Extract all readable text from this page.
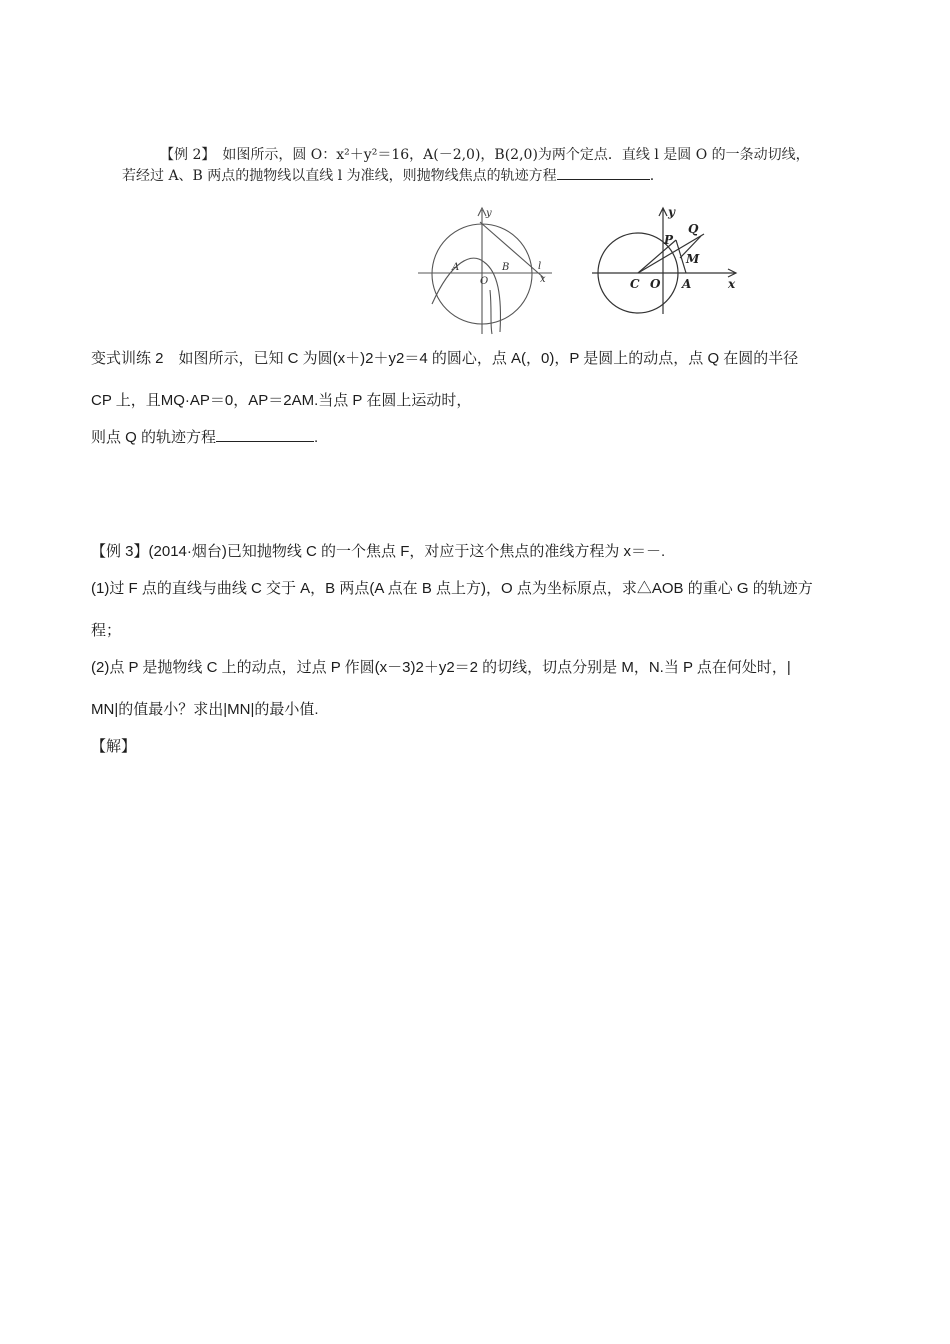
【例 2】　如图所示，圆 O：x²＋y²＝16，A(－2,0)，B(2,0)为两个定点．直线 l 是圆 O 的一条动切线，
若经过 A、B 两点的抛物线以直线 l 为准线，则抛物线焦点的轨迹方程	.
y
x
A
O
B	l
y
x
Q
P
M
C O A
变式训练 2　如图所示，已知 C 为圆(x＋)2＋y2＝4 的圆心，点 A(，0)，P 是圆上的动点，点 Q 在圆的半径
CP 上，且MQ·AP＝0，AP＝2AM.当点 P 在圆上运动时，
则点 Q 的轨迹方程	.
【例 3】(2014·烟台)已知抛物线 C 的一个焦点 F，对应于这个焦点的准线方程为 x＝－.
(1)过 F 点的直线与曲线 C 交于 A，B 两点(A 点在 B 点上方)，O 点为坐标原点，求△AOB 的重心 G 的轨迹方
程；
(2)点 P 是抛物线 C 上的动点，过点 P 作圆(x－3)2＋y2＝2 的切线，切点分别是 M，N.当 P 点在何处时，|
MN|的值最小？求出|MN|的最小值.
【解】
